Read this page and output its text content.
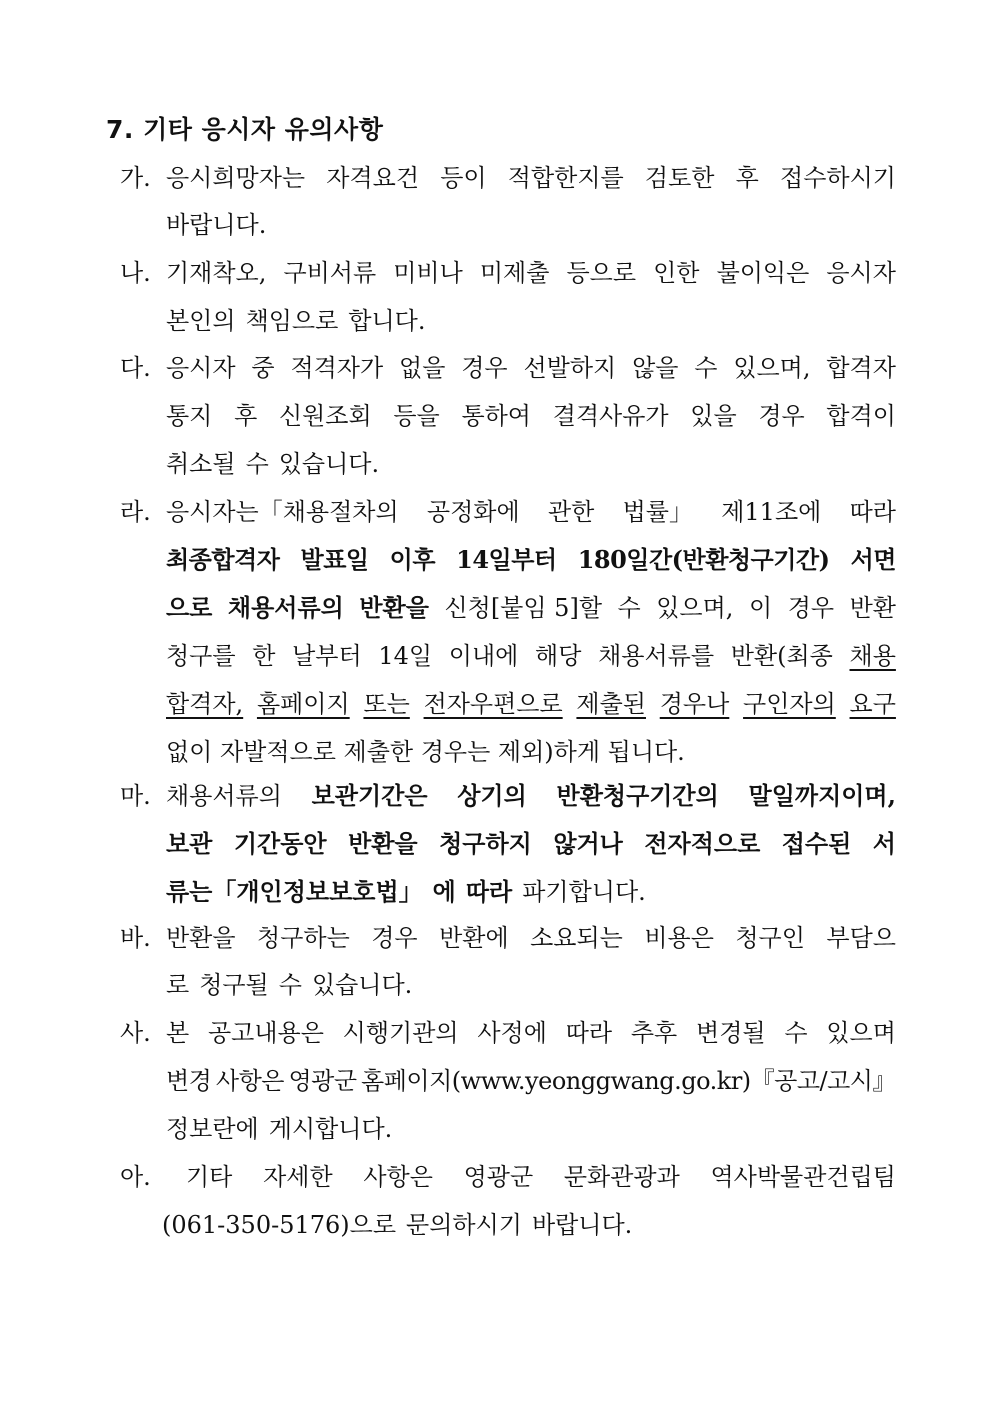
7. 기타 응시자 유의사항
가. 응시희망자는 자격요건 등이 적합한지를 검토한 후 접수하시기
바랍니다.
나. 기재착오, 구비서류 미비나 미제출 등으로 인한 불이익은 응시자
본인의 책임으로 합니다.
다. 응시자 중 적격자가 없을 경우 선발하지 않을 수 있으며, 합격자
통지 후 신원조회 등을 통하여 결격사유가 있을 경우 합격이
취소될 수 있습니다.
라. 응시자는「채용절차의 공정화에 관한 법률」 제11조에 따라
최종합격자 발표일 이후 14일부터 180일간(반환청구기간) 서면
으로 채용서류의 반환을 신청[붙임 5]할 수 있으며, 이 경우 반환
청구를 한 날부터 14일 이내에 해당 채용서류를 반환(최종 채용
합격자, 홈페이지 또는 전자우편으로 제출된 경우나 구인자의 요구
없이 자발적으로 제출한 경우는 제외)하게 됩니다.
마. 채용서류의 보관기간은 상기의 반환청구기간의 말일까지이며,
보관 기간동안 반환을 청구하지 않거나 전자적으로 접수된 서
류는「개인정보보호법」 에 따라 파기합니다.
바. 반환을 청구하는 경우 반환에 소요되는 비용은 청구인 부담으
로 청구될 수 있습니다.
사. 본 공고내용은 시행기관의 사정에 따라 추후 변경될 수 있으며
변경 사항은 영광군 홈페이지(www.yeonggwang.go.kr)『공고/고시』
정보란에 게시합니다.
아. 기타 자세한 사항은 영광군 문화관광과 역사박물관건립팀
(061-350-5176)으로 문의하시기 바랍니다.
